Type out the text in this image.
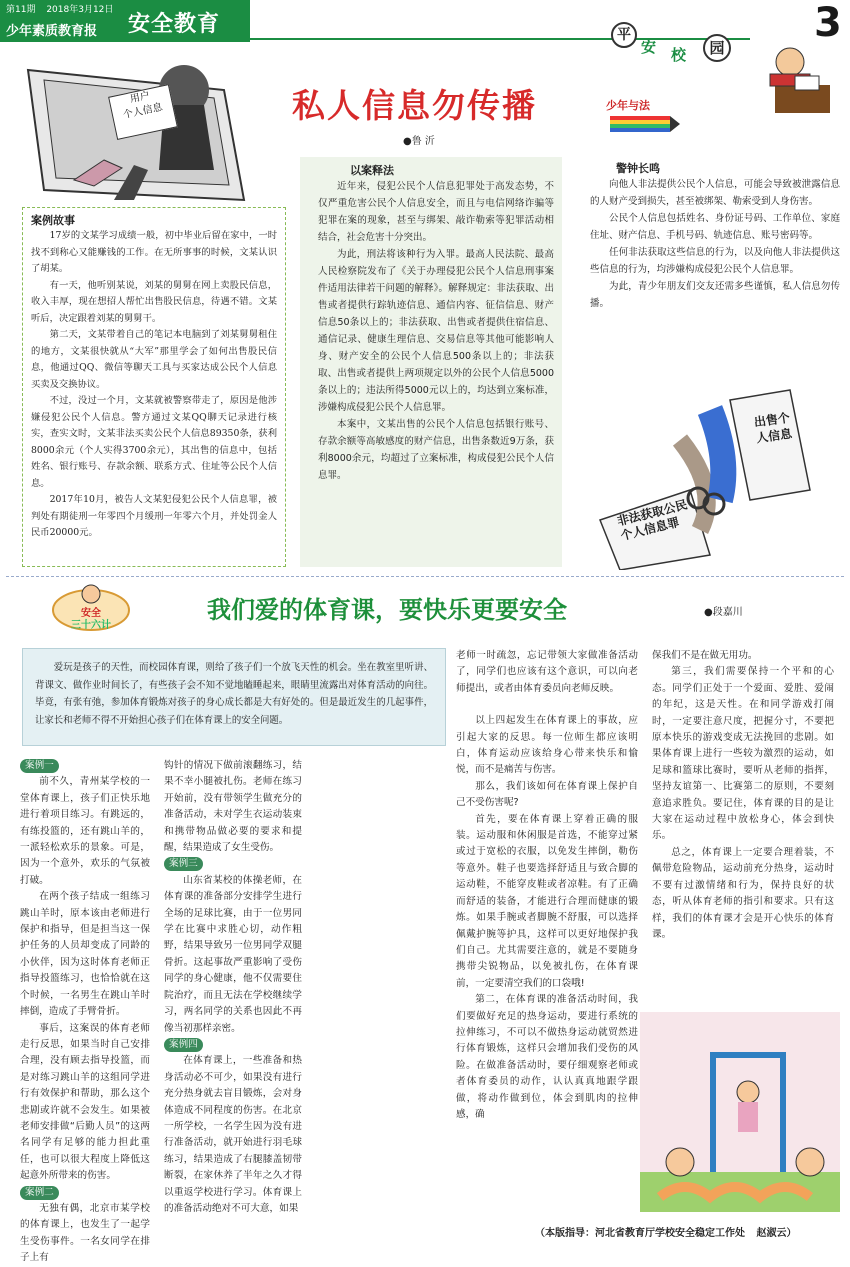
第11期 2018年3月12日
少年素质教育报 安全教育	平
安 校	园
3
用户
个人信息	私人信息勿传播	少年与法
●鲁 沂
案例故事

17岁的文某学习成绩一般，初中毕业后留在家中，一时找不到称心又能赚钱的工作。在无所事事的时候，文某认识了胡某。

有一天，他听别某说，刘某的舅舅在网上卖股民信息，收入丰厚，现在想招人帮忙出售股民信息，待遇不错。文某听后，决定跟着刘某的舅舅干。

第二天，文某带着自己的笔记本电脑到了刘某舅舅租住的地方，文某很快就从“大军”那里学会了如何出售股民信息，他通过QQ、微信等聊天工具与买家达成公民个人信息买卖及交换协议。

不过，没过一个月，文某就被警察带走了，原因是他涉嫌侵犯公民个人信息。警方通过文某QQ聊天记录进行核实，查实文时，文某非法买卖公民个人信息89350条，获利8000余元（个人实得3700余元），其出售的信息中，包括姓名、银行账号、存款余额、联系方式、住址等公民个人信息。

2017年10月，被告人文某犯侵犯公民个人信息罪，被判处有期徒刑一年零四个月缓刑一年零六个月，并处罚金人民币20000元。

以案释法

近年来，侵犯公民个人信息犯罪处于高发态势，不仅严重危害公民个人信息安全，而且与电信网络诈骗等犯罪在案的现象，甚至与绑架、敲诈勒索等犯罪活动相结合，社会危害十分突出。

为此，刑法将该种行为入罪。最高人民法院、最高人民检察院发布了《关于办理侵犯公民个人信息刑事案件适用法律若干问题的解释》。解释规定：非法获取、出售或者提供行踪轨迹信息、通信内容、征信信息、财产信息50条以上的；非法获取、出售或者提供住宿信息、通信记录、健康生理信息、交易信息等其他可能影响人身、财产安全的公民个人信息500条以上的；非法获取、出售或者提供上两项规定以外的公民个人信息5000条以上的；违法所得5000元以上的，均达到立案标准，涉嫌构成侵犯公民个人信息罪。

本案中，文某出售的公民个人信息包括银行账号、存款余额等高敏感度的财产信息，出售条数近9万条，获利8000余元，均超过了立案标准，构成侵犯公民个人信息罪。

警钟长鸣

向他人非法提供公民个人信息，可能会导致被泄露信息的人财产受到损失，甚至被绑架、勒索受到人身伤害。

公民个人信息包括姓名、身份证号码、工作单位、家庭住址、财产信息、手机号码、轨迹信息、账号密码等。

任何非法获取这些信息的行为，以及向他人非法提供这些信息的行为，均涉嫌构成侵犯公民个人信息罪。

为此，青少年朋友们交友还需多些谨慎，私人信息勿传播。

出售个人信息
非法获取公民个人信息罪
安全
三十六计
我们爱的体育课，要快乐更要安全	●段嘉川

爱玩是孩子的天性，而校园体育课，则给了孩子们一个放飞天性的机会。坐在教室里听讲、背课文、做作业时间长了，有些孩子会不知不觉地瞌睡起来，眼睛里流露出对体育活动的向往。毕竟，有张有弛，参加体育锻炼对孩子的身心成长都是大有好处的。但是最近发生的几起事件，让家长和老师不得不开始担心孩子们在体育课上的安全问题。

案例一

前不久，青州某学校的一堂体育课上，孩子们正快乐地进行着项目练习。有跳远的，有练投篮的，还有跳山羊的，一派轻松欢乐的景象。可是，因为一个意外，欢乐的气氛被打破。

在两个孩子结成一组练习跳山羊时，原本该由老师进行保护和指导，但是担当这一保护任务的人员却变成了同龄的小伙伴，因为这时体育老师正指导投篮练习，也恰恰就在这个时候，一名男生在跳山羊时摔倒，造成了手臂骨折。

事后，这案误的体育老师走行反思，如果当时自己安排合理，没有顾去指导投篮，而是对练习跳山羊的这组同学进行有效保护和帮助，那么这个悲剧或许就不会发生。如果被老师安排做“后勤人员”的这两名同学有足够的能力担此重任，也可以很大程度上降低这起意外所带来的伤害。

案例二

无独有偶，北京市某学校的体育课上，也发生了一起学生受伤事件。一名女同学在排子上有

钩针的情况下做前滚翻练习，结果不幸小腿被扎伤。老师在练习开始前，没有带领学生做充分的准备活动，未对学生衣运动装束和携带物品做必要的要求和提醒，结果造成了女生受伤。

案例三

山东省某校的体操老师，在体育课的准备部分安排学生进行全场的足球比赛，由于一位男同学在比赛中求胜心切，动作粗野，结果导致另一位男同学双腿骨折。这起事故严重影响了受伤同学的身心健康，他不仅需要住院治疗，而且无法在学校继续学习，两名同学的关系也因此不再像当初那样亲密。

案例四

在体育课上，一些准备和热身活动必不可少，如果没有进行充分热身就去盲目锻炼，会对身体造成不同程度的伤害。在北京一所学校，一名学生因为没有进行准备活动，就开始进行羽毛球练习，结果造成了右腿膝盖韧带断裂，在家休养了半年之久才得以重返学校进行学习。体育课上的准备活动绝对不可大意，如果

老师一时疏忽，忘记带领大家做准备活动了，同学们也应该有这个意识，可以向老师提出，或者由体育委员向老师反映。

以上四起发生在体育课上的事故，应引起大家的反思。每一位师生都应该明白，体育运动应该给身心带来快乐和愉悦，而不是痛苦与伤害。

那么，我们该如何在体育课上保护自己不受伤害呢?

首先，要在体育课上穿着正确的服装。运动服和休闲服是首选，不能穿过紧或过于宽松的衣服，以免发生摔倒，勒伤等意外。鞋子也要选择舒适且与致合脚的运动鞋，不能穿皮鞋或者凉鞋。有了正确而舒适的装备，才能进行合理而健康的锻炼。如果手腕或者脚腕不舒服，可以选择佩戴护腕等护具，这样可以更好地保护我们自己。尤其需要注意的，就是不要随身携带尖锐物品，以免被扎伤，在体育课前，一定要清空我们的口袋哦!

第二，在体育课的准备活动时间，我们要做好充足的热身运动，要进行系统的拉伸练习，不可以不做热身运动就贸然进行体育锻炼，这样只会增加我们受伤的风险。在做准备活动时，要仔细观察老师或者体育委员的动作，认认真真地跟学跟做，将动作做到位，体会到肌肉的拉伸感，确

保我们不是在做无用功。

第三，我们需要保持一个平和的心态。同学们正处于一个爱面、爱胜、爱闹的年纪，这是天性。在和同学游戏打闹时，一定要注意尺度，把握分寸，不要把原本快乐的游戏变成无法挽回的悲剧。如果体育课上进行一些较为激烈的运动，如足球和篮球比赛时，要听从老师的指挥，坚持友谊第一、比赛第二的原则，不要刻意追求胜负。要记住，体育课的目的是让大家在运动过程中放松身心，体会到快乐。

总之，体育课上一定要合理着装，不佩带危险物品，运动前充分热身，运动时不要有过激情绪和行为，保持良好的状态，听从体育老师的指引和要求。只有这样，我们的体育课才会是开心快乐的体育课。

（本版指导：河北省教育厅学校安全稳定工作处 赵淑云）
